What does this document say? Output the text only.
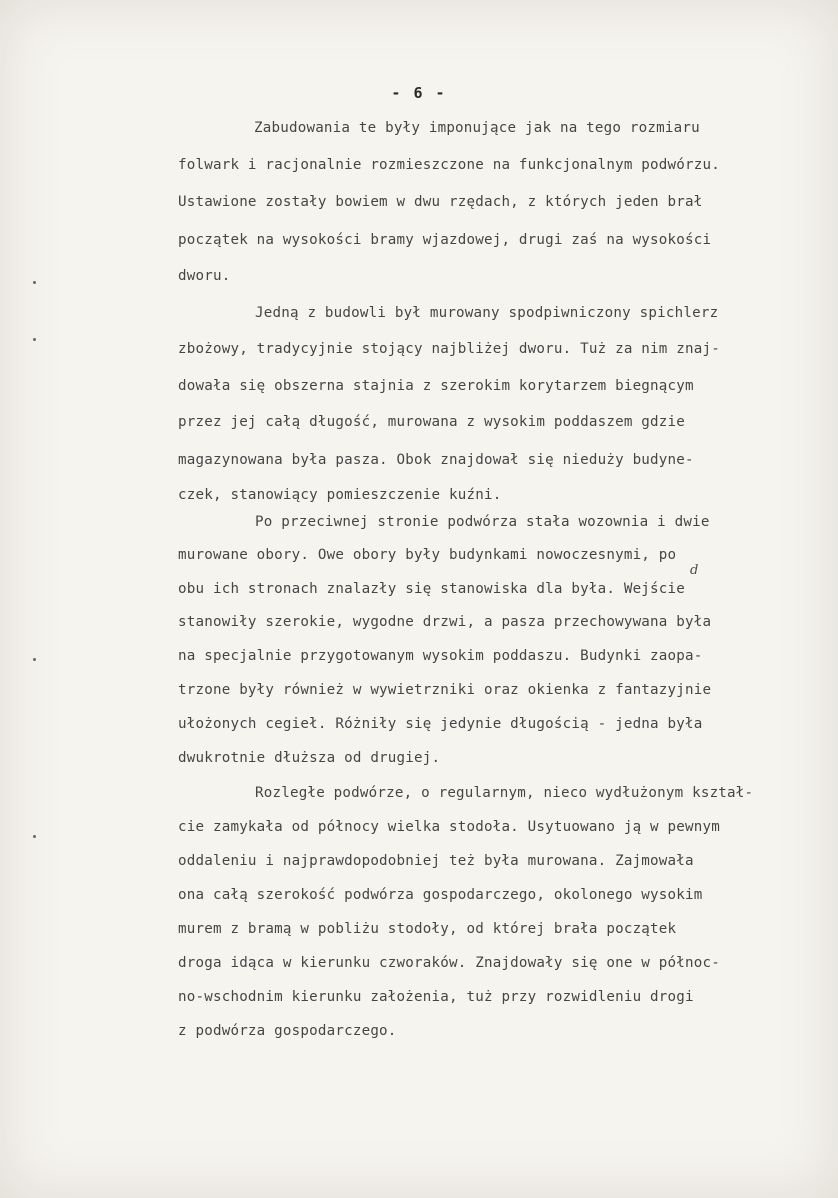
- 6 -
Zabudowania te były imponujące jak na tego rozmiaru
folwark i racjonalnie rozmieszczone na funkcjonalnym podwórzu.
Ustawione zostały bowiem w dwu rzędach, z których jeden brał
początek na wysokości bramy wjazdowej, drugi zaś na wysokości
dworu.
Jedną z budowli był murowany spodpiwniczony spichlerz
zbożowy, tradycyjnie stojący najbliżej dworu. Tuż za nim znaj-
dowała się obszerna stajnia z szerokim korytarzem biegnącym
przez jej całą długość, murowana z wysokim poddaszem gdzie
magazynowana była pasza. Obok znajdował się nieduży budyne-
czek, stanowiący pomieszczenie kuźni.
Po przeciwnej stronie podwórza stała wozownia i dwie
murowane obory. Owe obory były budynkami nowoczesnymi, po
obu ich stronach znalazły się stanowiska dla była. Wejście
stanowiły szerokie, wygodne drzwi, a pasza przechowywana była
na specjalnie przygotowanym wysokim poddaszu. Budynki zaopa-
trzone były również w wywietrzniki oraz okienka z fantazyjnie
ułożonych cegieł. Różniły się jedynie długością - jedna była
dwukrotnie dłuższa od drugiej.
Rozległe podwórze, o regularnym, nieco wydłużonym kształ-
cie zamykała od północy wielka stodoła. Usytuowano ją w pewnym
oddaleniu i najprawdopodobniej też była murowana. Zajmowała
ona całą szerokość podwórza gospodarczego, okolonego wysokim
murem z bramą w pobliżu stodoły, od której brała początek
droga idąca w kierunku czworaków. Znajdowały się one w północ-
no-wschodnim kierunku założenia, tuż przy rozwidleniu drogi
z podwórza gospodarczego.
d
